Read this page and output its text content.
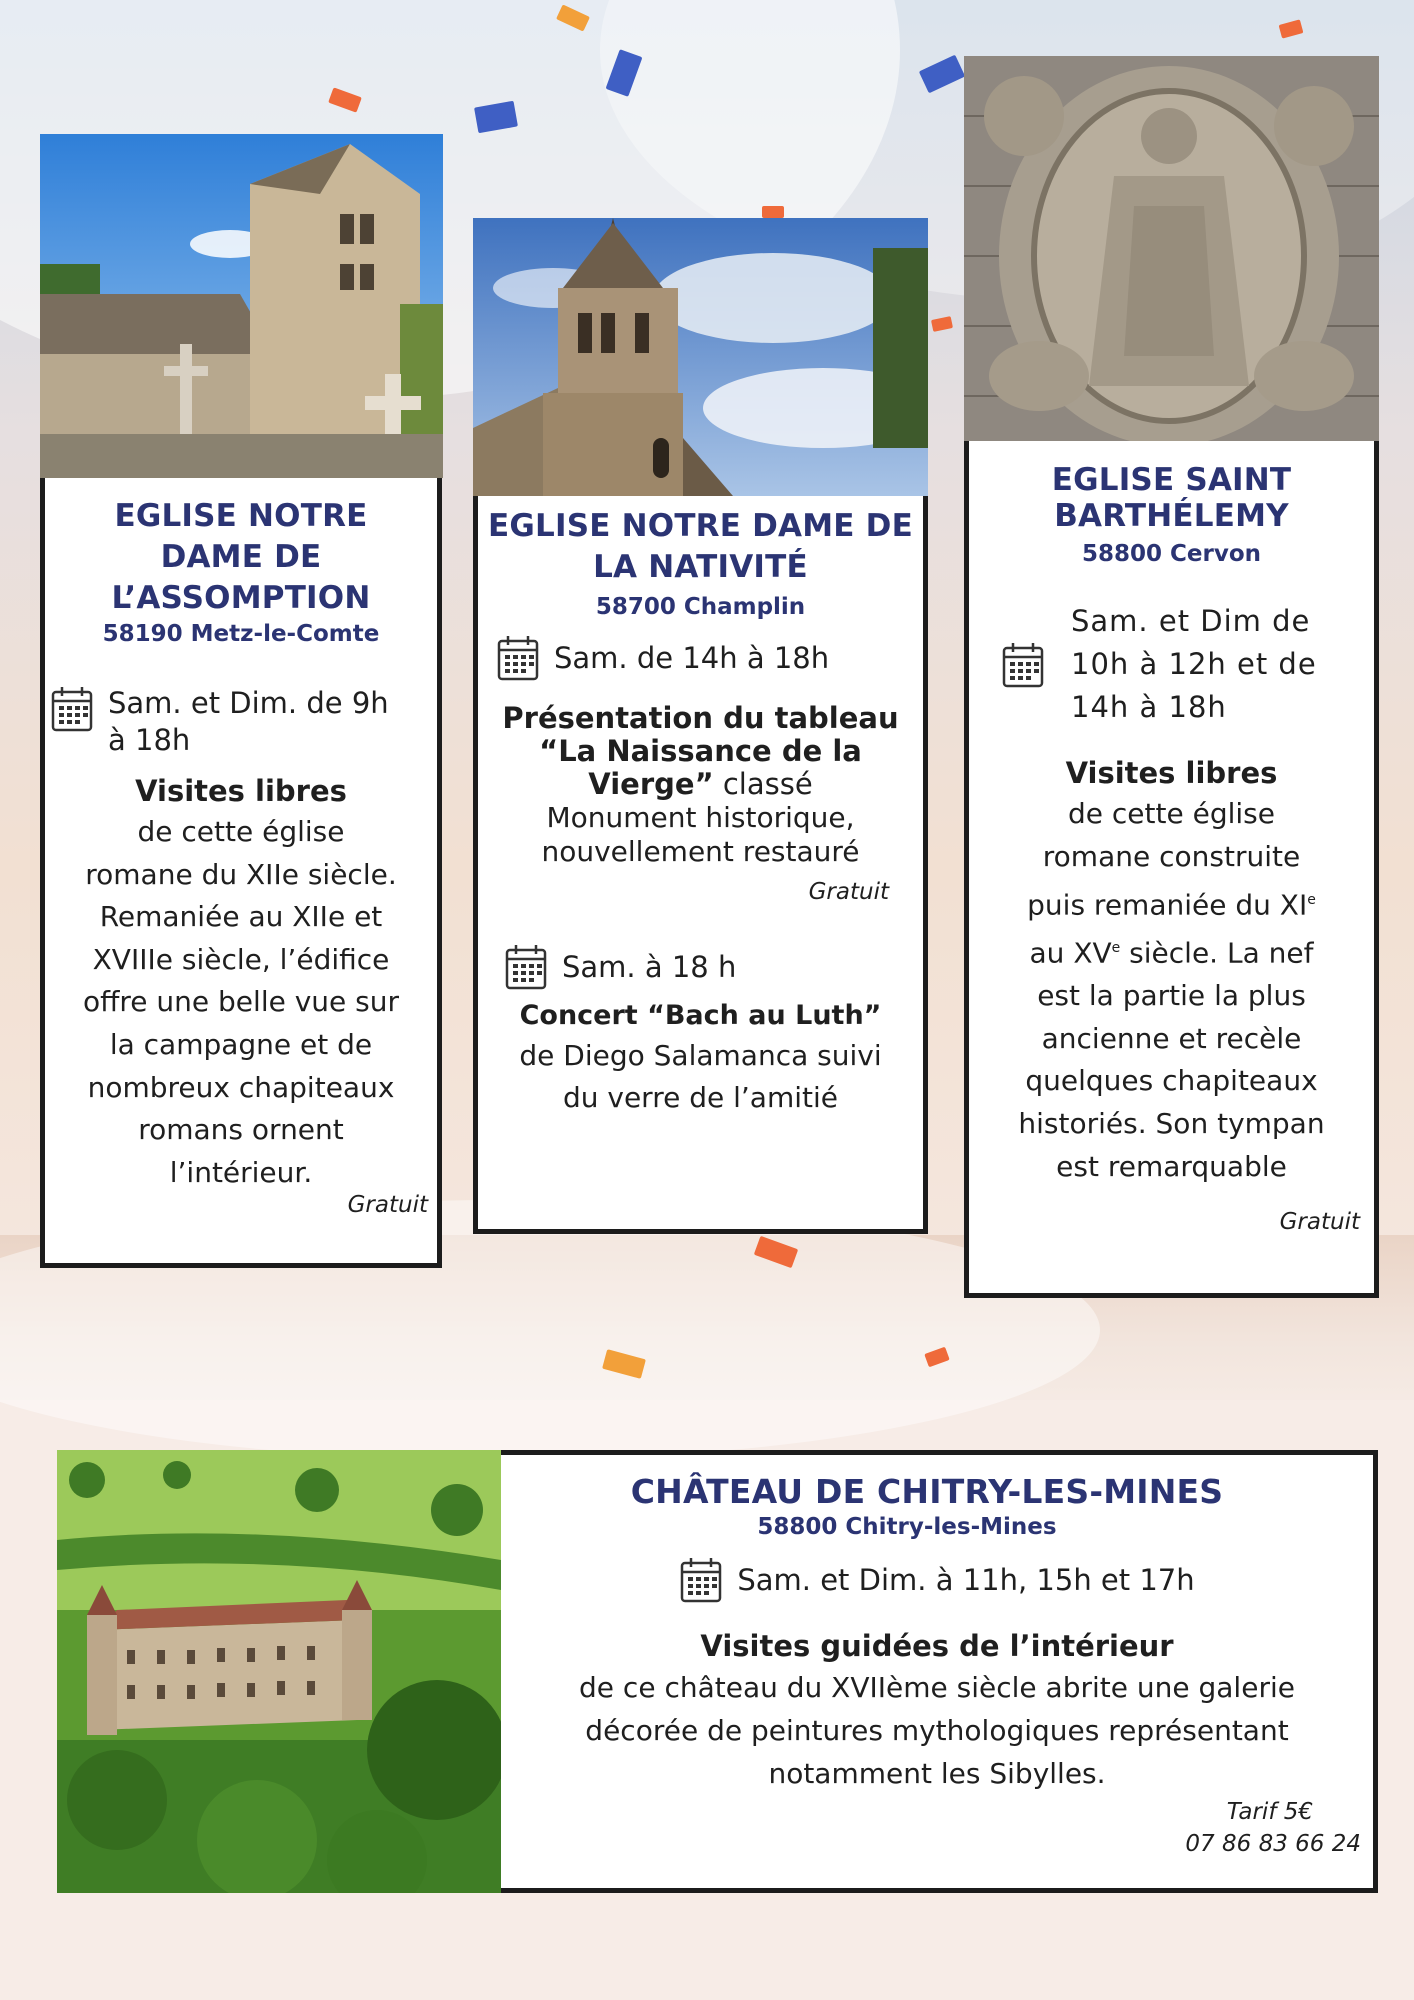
EGLISE NOTRE
DAME DE
L’ASSOMPTION
58190 Metz-le-Comte
Sam. et Dim. de 9h
à 18h
Visites libres
de cette église
romane du XIIe siècle.
Remaniée au XIIe et
XVIIIe siècle, l’édifice
offre une belle vue sur
la campagne et de
nombreux chapiteaux
romans ornent
l’intérieur.
Gratuit
EGLISE NOTRE DAME DE
LA NATIVITÉ
58700 Champlin
Sam. de 14h à 18h
Présentation du tableau
“La Naissance de la
Vierge” classé
Monument historique,
nouvellement restauré
Gratuit
Sam. à 18 h
Concert “Bach au Luth”
de Diego Salamanca suivi
du verre de l’amitié
EGLISE SAINT
BARTHÉLEMY
58800 Cervon
Sam. et Dim de
10h à 12h et de
14h à 18h
Visites libres
de cette église
romane construite
puis remaniée du XIe
au XVe siècle. La nef
est la partie la plus
ancienne et recèle
quelques chapiteaux
historiés. Son tympan
est remarquable
Gratuit
CHÂTEAU DE CHITRY-LES-MINES
58800 Chitry-les-Mines
Sam. et Dim. à 11h, 15h et 17h
Visites guidées de l’intérieur
de ce château du XVIIème siècle abrite une galerie
décorée de peintures mythologiques représentant
notamment les Sibylles.
Tarif 5€
07 86 83 66 24
